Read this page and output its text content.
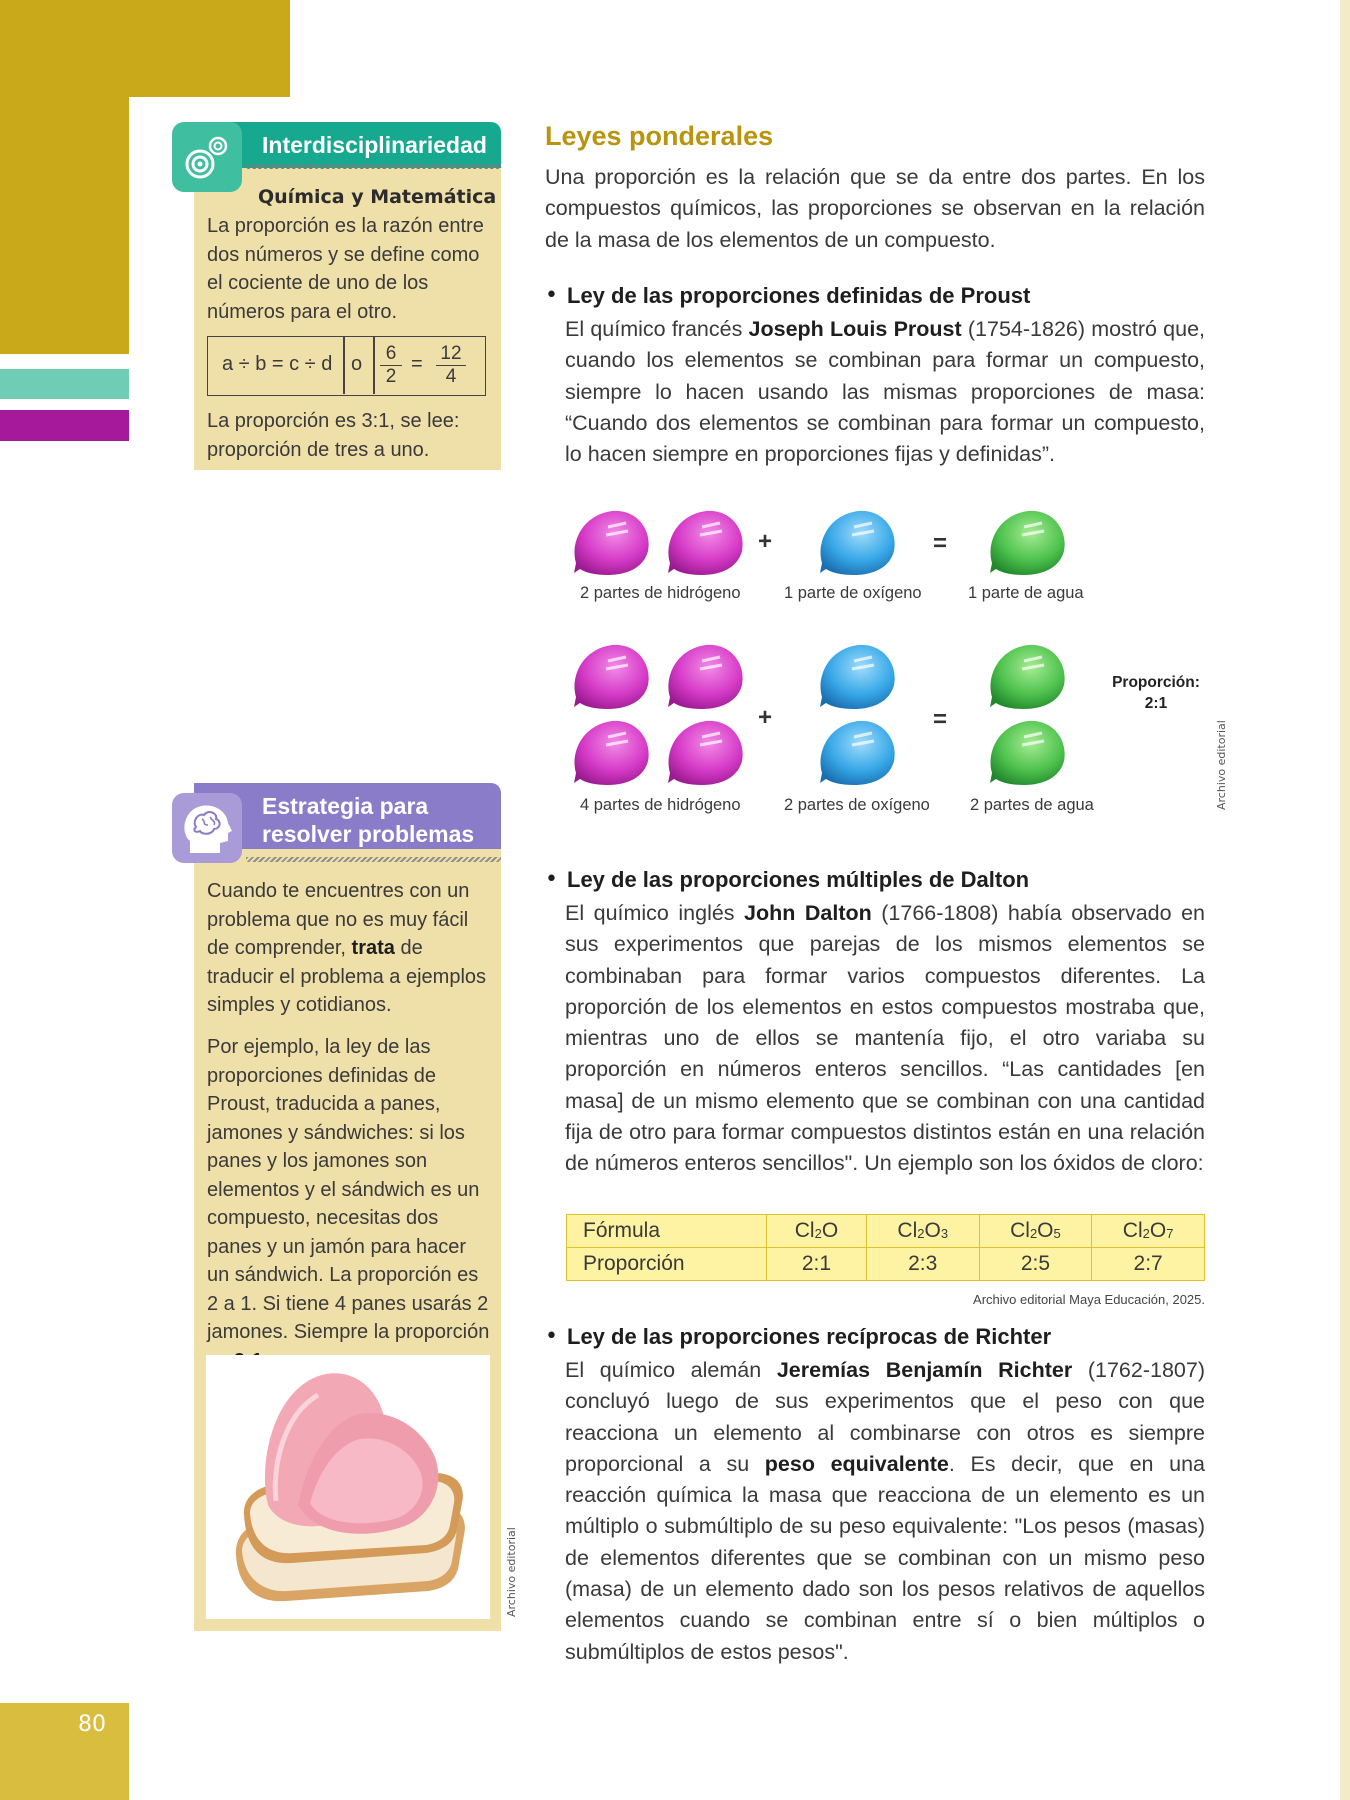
80
Interdisciplinariedad
Química y Matemática
La proporción es la razón entre dos números y se define como el cociente de uno de los números para el otro.
a ÷ b = c ÷ d o $\frac{6}{2} = \frac{12}{4}$
La proporción es 3:1, se lee: proporción de tres a uno.
Estrategia para resolver problemas
Cuando te encuentres con un problema que no es muy fácil de comprender, trata de traducir el problema a ejemplos simples y cotidianos.
Por ejemplo, la ley de las proporciones definidas de Proust, traducida a panes, jamones y sándwiches: si los panes y los jamones son elementos y el sándwich es un compuesto, necesitas dos panes y un jamón para hacer un sándwich. La proporción es 2 a 1. Si tiene 4 panes usarás 2 jamones. Siempre la proporción
Archivo editorial
Leyes ponderales
Una proporción es la relación que se da entre dos partes. En los compuestos químicos, las proporciones se observan en la relación de la masa de los elementos de un compuesto.
• Ley de las proporciones definidas de Proust
El químico francés Joseph Louis Proust (1754-1826) mostró que, cuando los elementos se combinan para formar un compuesto, siempre lo hacen usando las mismas proporciones de masa: “Cuando dos elementos se combinan para formar un compuesto, lo hacen siempre en proporciones fijas y definidas”.
+	=
+	=
2 partes de hidrógeno	1 parte de oxígeno	1 parte de agua
4 partes de hidrógeno	2 partes de oxígeno 2 partes de agua
Proporción:
2:1
Archivo editorial
• Ley de las proporciones múltiples de Dalton
El químico inglés John Dalton (1766-1808) había observado en sus experimentos que parejas de los mismos elementos se combinaban para formar varios compuestos diferentes. La proporción de los elementos en estos compuestos mostraba que, mientras uno de ellos se mantenía fijo, el otro variaba su proporción en números enteros sencillos. “Las cantidades [en masa] de un mismo elemento que se combinan con una cantidad fija de otro para formar compuestos distintos están en una relación de números enteros sencillos". Un ejemplo son los óxidos de cloro:
Fórmula	$Cl_2O$	$Cl_2O_3$	$Cl_2O_5$	$Cl_2O_7$
Proporción	2:1	2:3	2:5	2:7
Archivo editorial Maya Educación, 2025.
• Ley de las proporciones recíprocas de Richter
El químico alemán Jeremías Benjamín Richter (1762-1807) concluyó luego de sus experimentos que el peso con que reacciona un elemento al combinarse con otros es siempre proporcional a su peso equivalente. Es decir, que en una reacción química la masa que reacciona de un elemento es un múltiplo o submúltiplo de su peso equivalente: "Los pesos (masas) de elementos diferentes que se combinan con un mismo peso (masa) de un elemento dado son los pesos relativos de aquellos elementos cuando se combinan entre sí o bien múltiplos o submúltiplos de estos pesos".
